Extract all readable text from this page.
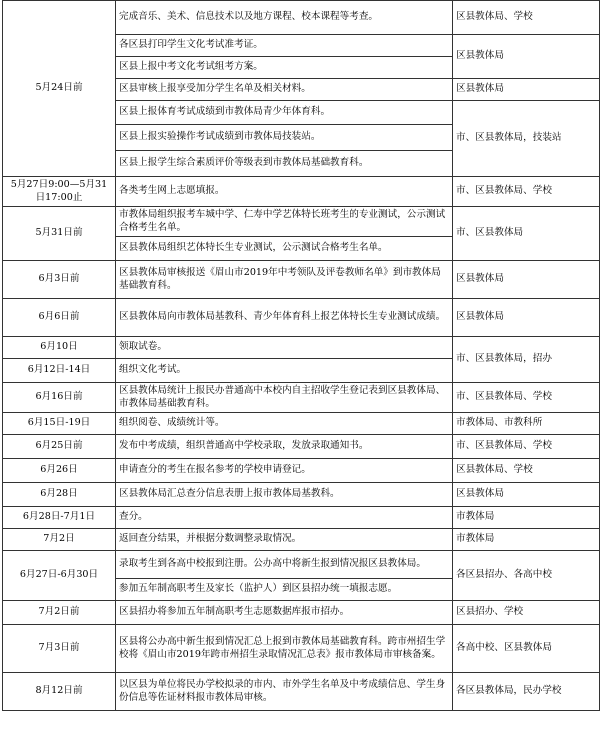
5月24日前	完成音乐、美术、信息技术以及地方课程、校本课程等考查。	区县教体局、学校
	各区县打印学生文化考试准考证。	区县教体局
	区县上报中考文化考试组考方案。	
	区县审核上报享受加分学生名单及相关材料。	区县教体局
	区县上报体育考试成绩到市教体局青少年体育科。	市、区县教体局，技装站
	区县上报实验操作考试成绩到市教体局技装站。	
	区县上报学生综合素质评价等级表到市教体局基础教育科。	
5月27日9:00—5月31日17:00止	各类考生网上志愿填报。	市、区县教体局、学校
5月31日前	市教体局组织报考车城中学、仁寿中学艺体特长班考生的专业测试，公示测试合格考生名单。	市、区县教体局
	区县教体局组织艺体特长生专业测试，公示测试合格考生名单。	
6月3日前	区县教体局审核报送《眉山市2019年中考领队及评卷教师名单》到市教体局基础教育科。	区县教体局
6月6日前	区县教体局向市教体局基教科、青少年体育科上报艺体特长生专业测试成绩。	区县教体局
6月10日	领取试卷。	市、区县教体局，招办
6月12日-14日	组织文化考试。	
6月16日前	区县教体局统计上报民办普通高中本校内自主招收学生登记表到区县教体局、市教体局基础教育科。	市、区县教体局、学校
6月15日-19日	组织阅卷、成绩统计等。	市教体局、市教科所
6月25日前	发布中考成绩，组织普通高中学校录取，发放录取通知书。	市、区县教体局、学校
6月26日	申请查分的考生在报名参考的学校申请登记。	区县教体局、学校
6月28日	区县教体局汇总查分信息表册上报市教体局基教科。	区县教体局
6月28日-7月1日	查分。	市教体局
7月2日	返回查分结果，并根据分数调整录取情况。	市教体局
6月27日-6月30日	录取考生到各高中校报到注册。公办高中将新生报到情况报区县教体局。	各区县招办、各高中校
	参加五年制高职考生及家长（监护人）到区县招办统一填报志愿。	
7月2日前	区县招办将参加五年制高职考生志愿数据库报市招办。	区县招办、学校
7月3日前	区县将公办高中新生报到情况汇总上报到市教体局基础教育科。跨市州招生学校将《眉山市2019年跨市州招生录取情况汇总表》报市教体局市审核备案。	各高中校、区县教体局
8月12日前	以区县为单位将民办学校拟录的市内、市外学生名单及中考成绩信息、学生身份信息等佐证材料报市教体局审核。	各区县教体局，民办学校
